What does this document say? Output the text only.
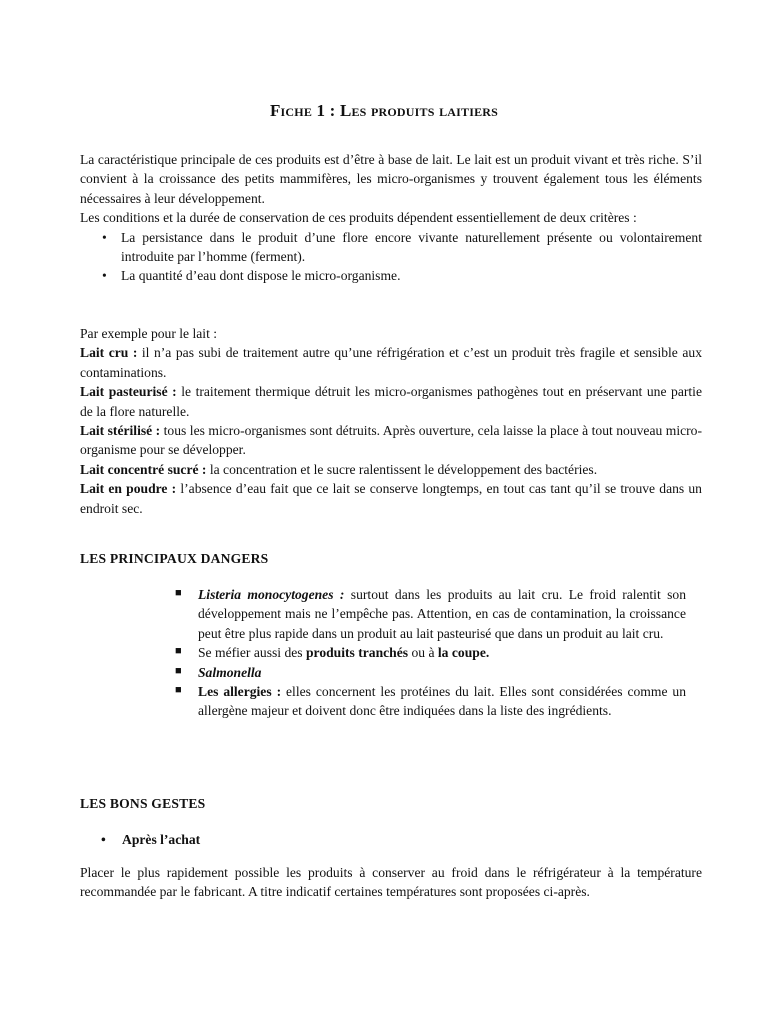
Fiche 1 : Les produits laitiers

La caractéristique principale de ces produits est d’être à base de lait. Le lait est un produit vivant et très riche. S’il convient à la croissance des petits mammifères, les micro-organismes y trouvent également tous les éléments nécessaires à leur développement.

Les conditions et la durée de conservation de ces produits dépendent essentiellement de deux critères :

• La persistance dans le produit d’une flore encore vivante naturellement présente ou volontairement introduite par l’homme (ferment).
• La quantité d’eau dont dispose le micro-organisme.

Par exemple pour le lait :

Lait cru : il n’a pas subi de traitement autre qu’une réfrigération et c’est un produit très fragile et sensible aux contaminations.

Lait pasteurisé : le traitement thermique détruit les micro-organismes pathogènes tout en préservant une partie de la flore naturelle.

Lait stérilisé : tous les micro-organismes sont détruits. Après ouverture, cela laisse la place à tout nouveau micro-organisme pour se développer.

Lait concentré sucré : la concentration et le sucre ralentissent le développement des bactéries.

Lait en poudre : l’absence d’eau fait que ce lait se conserve longtemps, en tout cas tant qu’il se trouve dans un endroit sec.

LES PRINCIPAUX DANGERS
■ Listeria monocytogenes : surtout dans les produits au lait cru. Le froid ralentit son développement mais ne l’empêche pas. Attention, en cas de contamination, la croissance peut être plus rapide dans un produit au lait pasteurisé que dans un produit au lait cru.
■ Se méfier aussi des produits tranchés ou à la coupe.
■ Salmonella
■ Les allergies : elles concernent les protéines du lait. Elles sont considérées comme un allergène majeur et doivent donc être indiquées dans la liste des ingrédients.
LES BONS GESTES
• Après l’achat
Placer le plus rapidement possible les produits à conserver au froid dans le réfrigérateur à la température recommandée par le fabricant. A titre indicatif certaines températures sont proposées ci-après.
